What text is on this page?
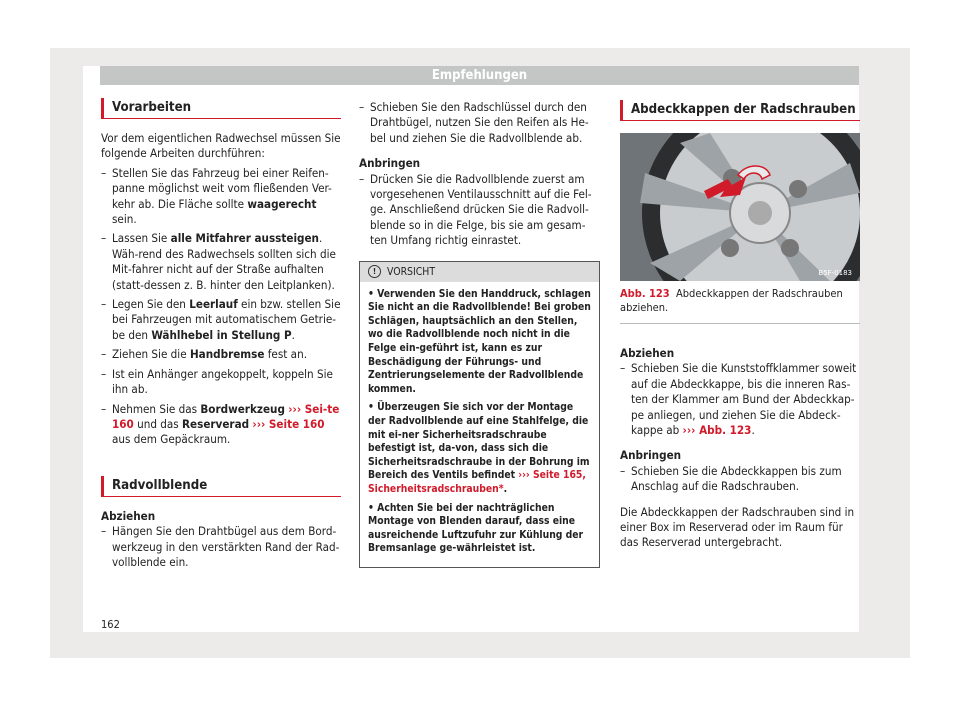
Empfehlungen
Vorarbeiten

Vor dem eigentlichen Radwechsel müssen Sie folgende Arbeiten durchführen:

– Stellen Sie das Fahrzeug bei einer Reifen-panne möglichst weit vom fließenden Ver-kehr ab. Die Fläche sollte waagerecht sein.
– Lassen Sie alle Mitfahrer aussteigen. Wäh-rend des Radwechsels sollten sich die Mit-fahrer nicht auf der Straße aufhalten (statt-dessen z. B. hinter den Leitplanken).
– Legen Sie den Leerlauf ein bzw. stellen Sie bei Fahrzeugen mit automatischem Getrie-be den Wählhebel in Stellung P.
– Ziehen Sie die Handbremse fest an.
– Ist ein Anhänger angekoppelt, koppeln Sie ihn ab.
– Nehmen Sie das Bordwerkzeug ››› Sei-te 160 und das Reserverad ››› Seite 160 aus dem Gepäckraum.
Radvollblende
Abziehen
– Hängen Sie den Drahtbügel aus dem Bord-werkzeug in den verstärkten Rand der Rad-vollblende ein.
– Schieben Sie den Radschlüssel durch den Drahtbügel, nutzen Sie den Reifen als He-bel und ziehen Sie die Radvollblende ab.
Anbringen
– Drücken Sie die Radvollblende zuerst am vorgesehenen Ventilausschnitt auf die Fel-ge. Anschließend drücken Sie die Radvoll-blende so in die Felge, bis sie am gesam-ten Umfang richtig einrastet.
!	VORSICHT

• Verwenden Sie den Handdruck, schlagen Sie nicht an die Radvollblende! Bei groben Schlägen, hauptsächlich an den Stellen, wo die Radvollblende noch nicht in die Felge ein-geführt ist, kann es zur Beschädigung der Führungs- und Zentrierungselemente der Radvollblende kommen.

• Überzeugen Sie sich vor der Montage der Radvollblende auf eine Stahlfelge, die mit ei-ner Sicherheitsradschraube befestigt ist, da-von, dass sich die Sicherheitsradschraube in der Bohrung im Bereich des Ventils befindet ››› Seite 165, Sicherheitsradschrauben*.

• Achten Sie bei der nachträglichen Montage von Blenden darauf, dass eine ausreichende Luftzufuhr zur Kühlung der Bremsanlage ge-währleistet ist.

Abdeckkappen der Radschrauben
B5F-0183
Abb. 123 Abdeckkappen der Radschrauben abziehen.
Abziehen
– Schieben Sie die Kunststoffklammer soweit auf die Abdeckkappe, bis die inneren Ras-ten der Klammer am Bund der Abdeckkap-pe anliegen, und ziehen Sie die Abdeck-kappe ab ››› Abb. 123.
Anbringen
– Schieben Sie die Abdeckkappen bis zum Anschlag auf die Radschrauben.

Die Abdeckkappen der Radschrauben sind in einer Box im Reserverad oder im Raum für das Reserverad untergebracht.

162
